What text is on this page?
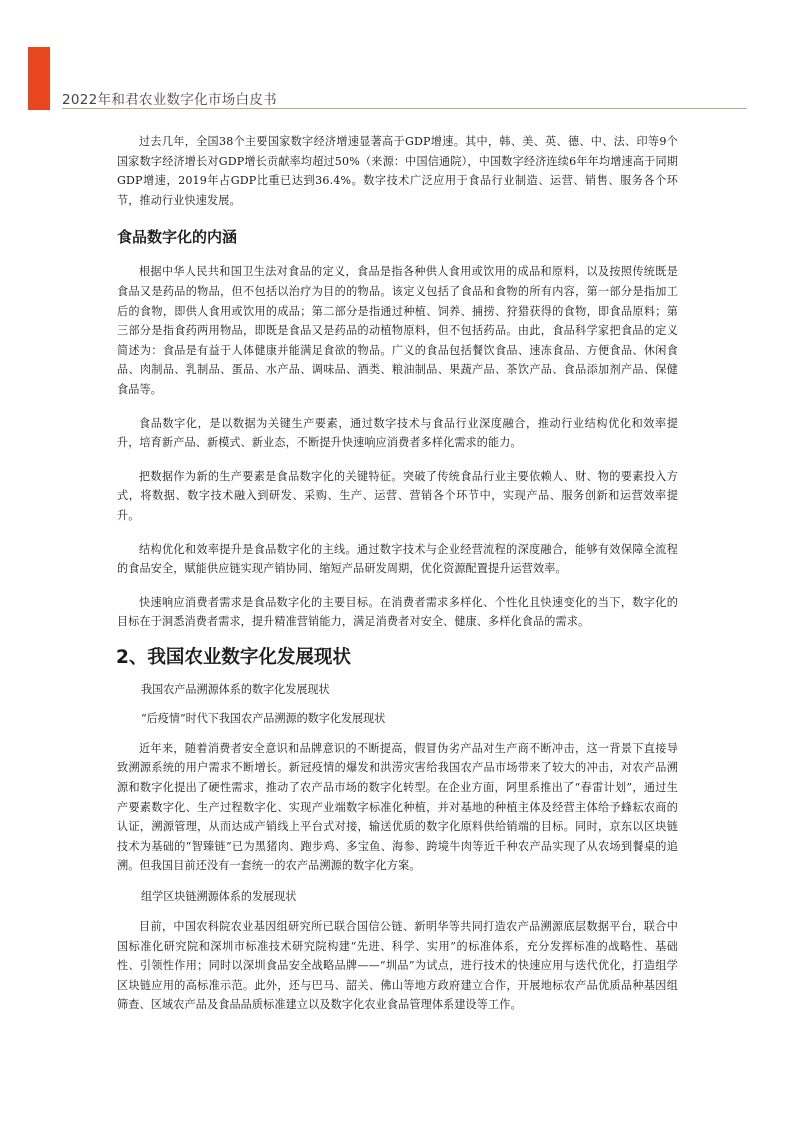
2022年和君农业数字化市场白皮书

过去几年，全国38个主要国家数字经济增速显著高于GDP增速。其中，韩、美、英、德、中、法、印等9个国家数字经济增长对GDP增长贡献率均超过50%（来源：中国信通院），中国数字经济连续6年年均增速高于同期GDP增速，2019年占GDP比重已达到36.4%。数字技术广泛应用于食品行业制造、运营、销售、服务各个环节，推动行业快速发展。

食品数字化的内涵

根据中华人民共和国卫生法对食品的定义，食品是指各种供人食用或饮用的成品和原料，以及按照传统既是食品又是药品的物品，但不包括以治疗为目的的物品。该定义包括了食品和食物的所有内容，第一部分是指加工后的食物，即供人食用或饮用的成品；第二部分是指通过种植、饲养、捕捞、狩猎获得的食物，即食品原料；第三部分是指食药两用物品，即既是食品又是药品的动植物原料，但不包括药品。由此，食品科学家把食品的定义简述为：食品是有益于人体健康并能满足食欲的物品。广义的食品包括餐饮食品、速冻食品、方便食品、休闲食品、肉制品、乳制品、蛋品、水产品、调味品、酒类、粮油制品、果蔬产品、茶饮产品、食品添加剂产品、保健食品等。

食品数字化，是以数据为关键生产要素，通过数字技术与食品行业深度融合，推动行业结构优化和效率提升，培育新产品、新模式、新业态，不断提升快速响应消费者多样化需求的能力。

把数据作为新的生产要素是食品数字化的关键特征。突破了传统食品行业主要依赖人、财、物的要素投入方式，将数据、数字技术融入到研发、采购、生产、运营、营销各个环节中，实现产品、服务创新和运营效率提升。

结构优化和效率提升是食品数字化的主线。通过数字技术与企业经营流程的深度融合，能够有效保障全流程的食品安全，赋能供应链实现产销协同、缩短产品研发周期，优化资源配置提升运营效率。

快速响应消费者需求是食品数字化的主要目标。在消费者需求多样化、个性化且快速变化的当下，数字化的目标在于洞悉消费者需求，提升精准营销能力，满足消费者对安全、健康、多样化食品的需求。

2、我国农业数字化发展现状

我国农产品溯源体系的数字化发展现状

“后疫情”时代下我国农产品溯源的数字化发展现状

近年来，随着消费者安全意识和品牌意识的不断提高，假冒伪劣产品对生产商不断冲击，这一背景下直接导致溯源系统的用户需求不断增长。新冠疫情的爆发和洪涝灾害给我国农产品市场带来了较大的冲击，对农产品溯源和数字化提出了硬性需求，推动了农产品市场的数字化转型。在企业方面，阿里系推出了“春雷计划”，通过生产要素数字化、生产过程数字化、实现产业端数字标准化种植，并对基地的种植主体及经营主体给予蜂耘农商的认证，溯源管理，从而达成产销线上平台式对接，输送优质的数字化原料供给销端的目标。同时，京东以区块链技术为基础的“智臻链”已为黑猪肉、跑步鸡、多宝鱼、海参、跨境牛肉等近千种农产品实现了从农场到餐桌的追溯。但我国目前还没有一套统一的农产品溯源的数字化方案。

组学区块链溯源体系的发展现状

目前，中国农科院农业基因组研究所已联合国信公链、新明华等共同打造农产品溯源底层数据平台，联合中国标准化研究院和深圳市标准技术研究院构建“先进、科学、实用”的标准体系，充分发挥标准的战略性、基础性、引领性作用；同时以深圳食品安全战略品牌——“圳品”为试点，进行技术的快速应用与迭代优化，打造组学区块链应用的高标准示范。此外，还与巴马、韶关、佛山等地方政府建立合作，开展地标农产品优质品种基因组筛查、区域农产品及食品品质标准建立以及数字化农业食品管理体系建设等工作。
